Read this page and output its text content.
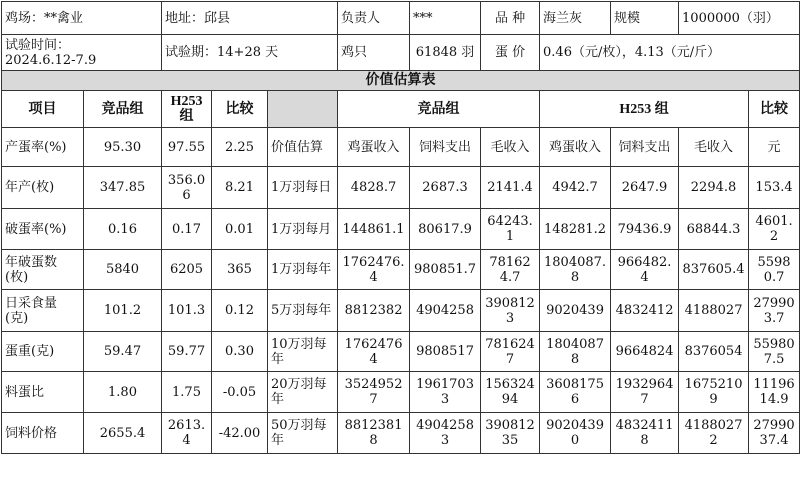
鸡场：**禽业		地址：邱县			负责人	***	品 种	海兰灰	规模	1000000（羽）	
试验时间：
2024.6.12-7.9		试验期：14+28 天			鸡只	61848 羽	蛋 价	0.46（元/枚），4.13（元/斤）			
价值估算表											
项目	竞品组	H253组	比较		竞品组			H253 组			比较
产蛋率(%)	95.30	97.55	2.25	价值估算	鸡蛋收入	饲料支出	毛收入	鸡蛋收入	饲料支出	毛收入	元
年产(枚)	347.85	356.06	8.21	1万羽每日	4828.7	2687.3	2141.4	4942.7	2647.9	2294.8	153.4
破蛋率(%)	0.16	0.17	0.01	1万羽每月	144861.1	80617.9	64243.1	148281.2	79436.9	68844.3	4601.2
年破蛋数(枚)	5840	6205	365	1万羽每年	1762476.4	980851.7	781624.7	1804087.8	966482.4	837605.4	55980.7
日采食量(克)	101.2	101.3	0.12	5万羽每年	8812382	4904258	3908123	9020439	4832412	4188027	279903.7
蛋重(克)	59.47	59.77	0.30	10万羽每年	17624764	9808517	7816247	18040878	9664824	8376054	559807.5
料蛋比	1.80	1.75	-0.05	20万羽每年	35249527	19617033	15632494	36081756	19329647	16752109	1119614.9
饲料价格	2655.4	2613.4	-42.00	50万羽每年	88123818	49042583	39081235	90204390	48324118	41880272	2799037.4
